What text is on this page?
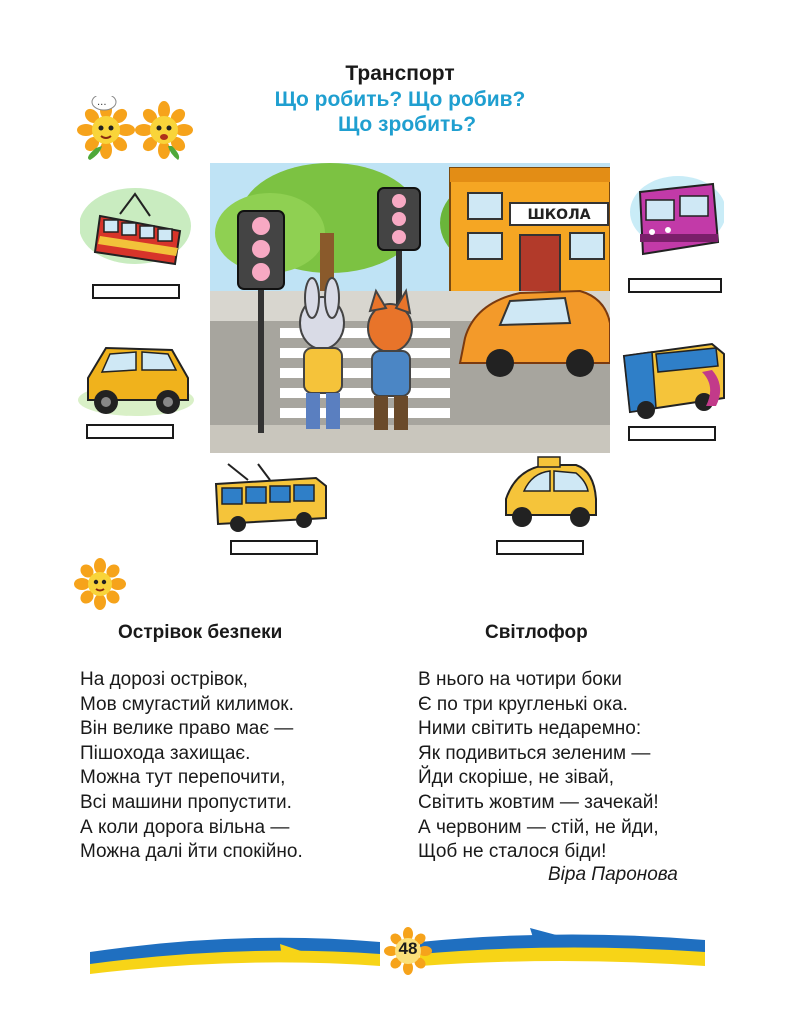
Транспорт
Що робить? Що робив?
Що зробить?
...
ШКОЛА
Острівок безпеки	Світлофор
На дорозі острівок,
Мов смугастий килимок.
Він велике право має —
Пішохода захищає.
Можна тут перепочити,
Всі машини пропустити.
А коли дорога вільна —
Можна далі йти спокійно.
В нього на чотири боки
Є по три кругленькі ока.
Ними світить недаремно:
Як подивиться зеленим —
Йди скоріше, не зівай,
Світить жовтим — зачекай!
А червоним — стій, не йди,
Щоб не сталося біди!
Віра Паронова
48
